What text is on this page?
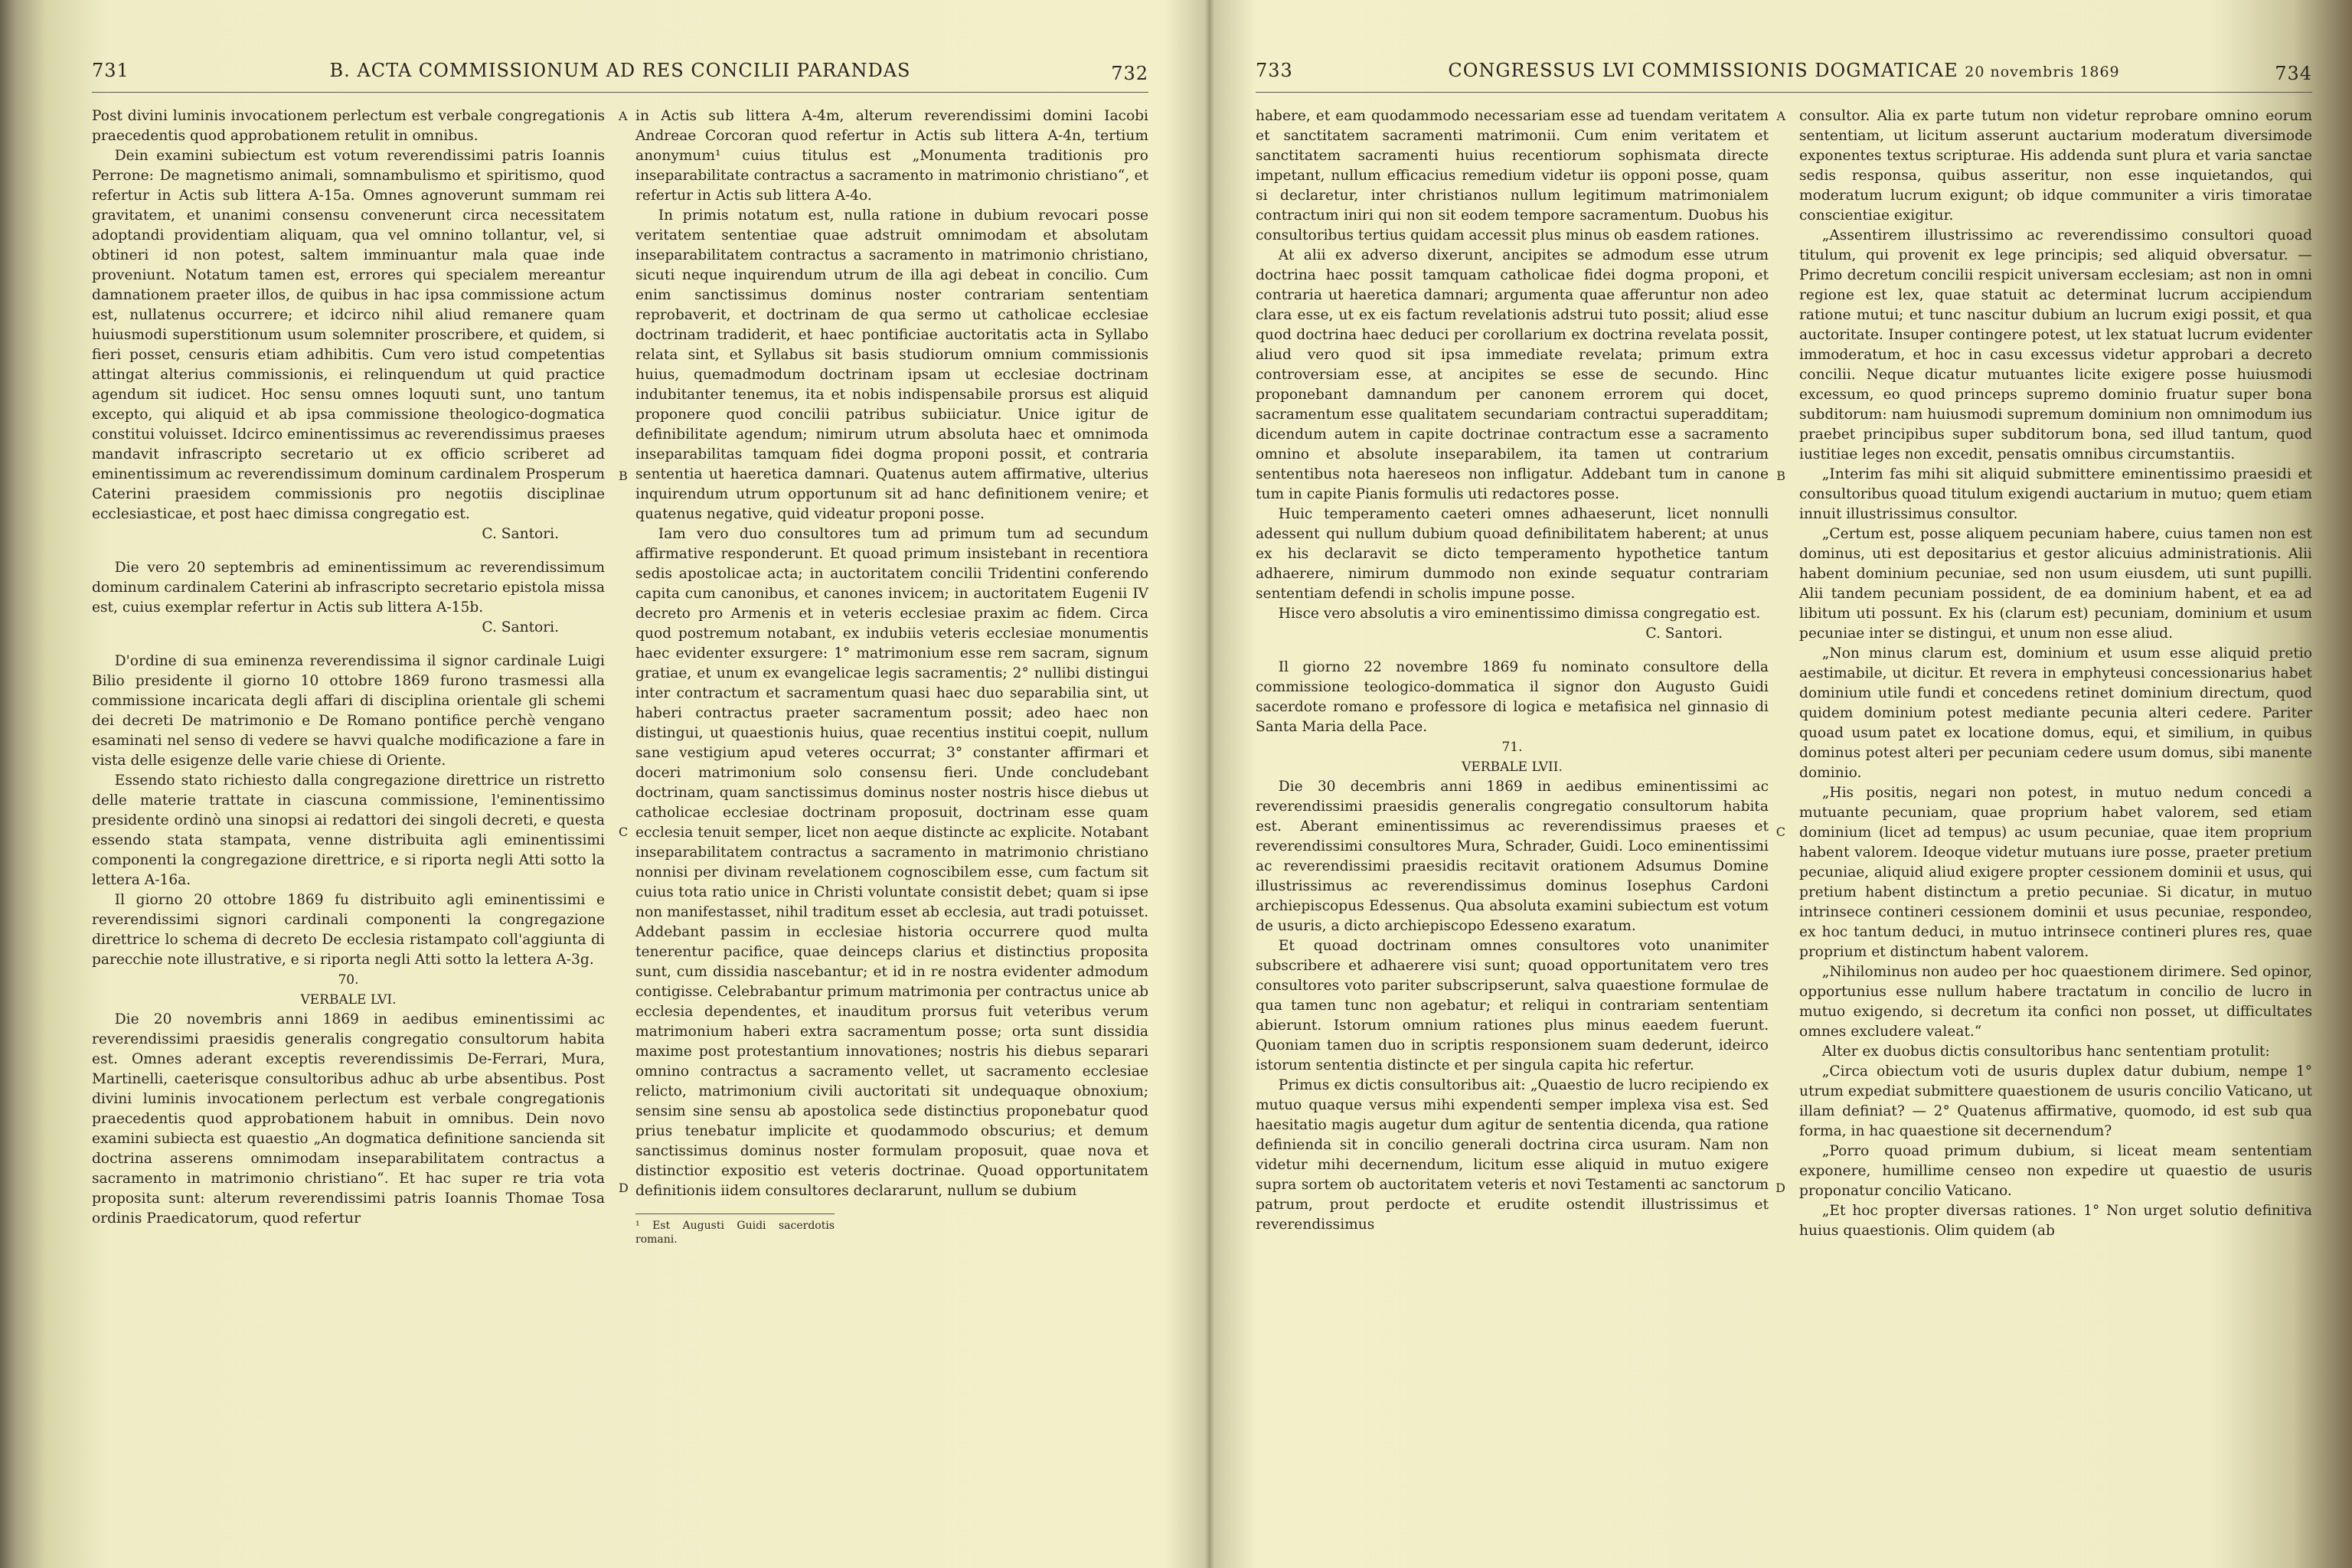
731	B. ACTA COMMISSIONUM AD RES CONCILII PARANDAS	732

Post divini luminis invocationem perlectum est verbale congregationis praecedentis quod approbationem retulit in omnibus.

Dein examini subiectum est votum reverendissimi patris Ioannis Perrone: De magnetismo animali, somnambulismo et spiritismo, quod refertur in Actis sub littera A-15a. Omnes agnoverunt summam rei gravitatem, et unanimi consensu convenerunt circa necessitatem adoptandi providentiam aliquam, qua vel omnino tollantur, vel, si obtineri id non potest, saltem imminuantur mala quae inde proveniunt. Notatum tamen est, errores qui specialem mereantur damnationem praeter illos, de quibus in hac ipsa commissione actum est, nullatenus occurrere; et idcirco nihil aliud remanere quam huiusmodi superstitionum usum solemniter proscribere, et quidem, si fieri posset, censuris etiam adhibitis. Cum vero istud competentias attingat alterius commissionis, ei relinquendum ut quid practice agendum sit iudicet. Hoc sensu omnes loquuti sunt, uno tantum excepto, qui aliquid et ab ipsa commissione theologico-dogmatica constitui voluisset. Idcirco eminentissimus ac reverendissimus praeses mandavit infrascripto secretario ut ex officio scriberet ad eminentissimum ac reverendissimum dominum cardinalem Prosperum Caterini praesidem commissionis pro negotiis disciplinae ecclesiasticae, et post haec dimissa congregatio est.

C. Santori.

Die vero 20 septembris ad eminentissimum ac reverendissimum dominum cardinalem Caterini ab infrascripto secretario epistola missa est, cuius exemplar refertur in Actis sub littera A-15b.

C. Santori.

D'ordine di sua eminenza reverendissima il signor cardinale Luigi Bilio presidente il giorno 10 ottobre 1869 furono trasmessi alla commissione incaricata degli affari di disciplina orientale gli schemi dei decreti De matrimonio e De Romano pontifice perchè vengano esaminati nel senso di vedere se havvi qualche modificazione a fare in vista delle esigenze delle varie chiese di Oriente.

Essendo stato richiesto dalla congregazione direttrice un ristretto delle materie trattate in ciascuna commissione, l'eminentissimo presidente ordinò una sinopsi ai redattori dei singoli decreti, e questa essendo stata stampata, venne distribuita agli eminentissimi componenti la congregazione direttrice, e si riporta negli Atti sotto la lettera A-16a.

Il giorno 20 ottobre 1869 fu distribuito agli eminentissimi e reverendissimi signori cardinali componenti la congregazione direttrice lo schema di decreto De ecclesia ristampato coll'aggiunta di parecchie note illustrative, e si riporta negli Atti sotto la lettera A-3g.

70.

VERBALE LVI.

Die 20 novembris anni 1869 in aedibus eminentissimi ac reverendissimi praesidis generalis congregatio consultorum habita est. Omnes aderant exceptis reverendissimis De-Ferrari, Mura, Martinelli, caeterisque consultoribus adhuc ab urbe absentibus. Post divini luminis invocationem perlectum est verbale congregationis praecedentis quod approbationem habuit in omnibus. Dein novo examini subiecta est quaestio „An dogmatica definitione sancienda sit doctrina asserens omnimodam inseparabilitatem contractus a sacramento in matrimonio christiano“. Et hac super re tria vota proposita sunt: alterum reverendissimi patris Ioannis Thomae Tosa ordinis Praedicatorum, quod refertur

A
B
C
D

in Actis sub littera A-4m, alterum reverendissimi domini Iacobi Andreae Corcoran quod refertur in Actis sub littera A-4n, tertium anonymum¹ cuius titulus est „Monumenta traditionis pro inseparabilitate contractus a sacramento in matrimonio christiano“, et refertur in Actis sub littera A-4o.

In primis notatum est, nulla ratione in dubium revocari posse veritatem sententiae quae adstruit omnimodam et absolutam inseparabilitatem contractus a sacramento in matrimonio christiano, sicuti neque inquirendum utrum de illa agi debeat in concilio. Cum enim sanctissimus dominus noster contrariam sententiam reprobaverit, et doctrinam de qua sermo ut catholicae ecclesiae doctrinam tradiderit, et haec pontificiae auctoritatis acta in Syllabo relata sint, et Syllabus sit basis studiorum omnium commissionis huius, quemadmodum doctrinam ipsam ut ecclesiae doctrinam indubitanter tenemus, ita et nobis indispensabile prorsus est aliquid proponere quod concilii patribus subiiciatur. Unice igitur de definibilitate agendum; nimirum utrum absoluta haec et omnimoda inseparabilitas tamquam fidei dogma proponi possit, et contraria sententia ut haeretica damnari. Quatenus autem affirmative, ulterius inquirendum utrum opportunum sit ad hanc definitionem venire; et quatenus negative, quid videatur proponi posse.

Iam vero duo consultores tum ad primum tum ad secundum affirmative responderunt. Et quoad primum insistebant in recentiora sedis apostolicae acta; in auctoritatem concilii Tridentini conferendo capita cum canonibus, et canones invicem; in auctoritatem Eugenii IV decreto pro Armenis et in veteris ecclesiae praxim ac fidem. Circa quod postremum notabant, ex indubiis veteris ecclesiae monumentis haec evidenter exsurgere: 1° matrimonium esse rem sacram, signum gratiae, et unum ex evangelicae legis sacramentis; 2° nullibi distingui inter contractum et sacramentum quasi haec duo separabilia sint, ut haberi contractus praeter sacramentum possit; adeo haec non distingui, ut quaestionis huius, quae recentius institui coepit, nullum sane vestigium apud veteres occurrat; 3° constanter affirmari et doceri matrimonium solo consensu fieri. Unde concludebant doctrinam, quam sanctissimus dominus noster nostris hisce diebus ut catholicae ecclesiae doctrinam proposuit, doctrinam esse quam ecclesia tenuit semper, licet non aeque distincte ac explicite. Notabant inseparabilitatem contractus a sacramento in matrimonio christiano nonnisi per divinam revelationem cognoscibilem esse, cum factum sit cuius tota ratio unice in Christi voluntate consistit debet; quam si ipse non manifestasset, nihil traditum esset ab ecclesia, aut tradi potuisset. Addebant passim in ecclesiae historia occurrere quod multa tenerentur pacifice, quae deinceps clarius et distinctius proposita sunt, cum dissidia nascebantur; et id in re nostra evidenter admodum contigisse. Celebrabantur primum matrimonia per contractus unice ab ecclesia dependentes, et inauditum prorsus fuit veteribus verum matrimonium haberi extra sacramentum posse; orta sunt dissidia maxime post protestantium innovationes; nostris his diebus separari omnino contractus a sacramento vellet, ut sacramento ecclesiae relicto, matrimonium civili auctoritati sit undequaque obnoxium; sensim sine sensu ab apostolica sede distinctius proponebatur quod prius tenebatur implicite et quodammodo obscurius; et demum sanctissimus dominus noster formulam proposuit, quae nova et distinctior expositio est veteris doctrinae. Quoad opportunitatem definitionis iidem consultores declararunt, nullum se dubium

¹ Est Augusti Guidi sacerdotis romani.
733	CONGRESSUS LVI COMMISSIONIS DOGMATICAE 20 novembris 1869	734
A
B
C
D

habere, et eam quodammodo necessariam esse ad tuendam veritatem et sanctitatem sacramenti matrimonii. Cum enim veritatem et sanctitatem sacramenti huius recentiorum sophismata directe impetant, nullum efficacius remedium videtur iis opponi posse, quam si declaretur, inter christianos nullum legitimum matrimonialem contractum iniri qui non sit eodem tempore sacramentum. Duobus his consultoribus tertius quidam accessit plus minus ob easdem rationes.

At alii ex adverso dixerunt, ancipites se admodum esse utrum doctrina haec possit tamquam catholicae fidei dogma proponi, et contraria ut haeretica damnari; argumenta quae afferuntur non adeo clara esse, ut ex eis factum revelationis adstrui tuto possit; aliud esse quod doctrina haec deduci per corollarium ex doctrina revelata possit, aliud vero quod sit ipsa immediate revelata; primum extra controversiam esse, at ancipites se esse de secundo. Hinc proponebant damnandum per canonem errorem qui docet, sacramentum esse qualitatem secundariam contractui superadditam; dicendum autem in capite doctrinae contractum esse a sacramento omnino et absolute inseparabilem, ita tamen ut contrarium sententibus nota haereseos non infligatur. Addebant tum in canone tum in capite Pianis formulis uti redactores posse.

Huic temperamento caeteri omnes adhaeserunt, licet nonnulli adessent qui nullum dubium quoad definibilitatem haberent; at unus ex his declaravit se dicto temperamento hypothetice tantum adhaerere, nimirum dummodo non exinde sequatur contrariam sententiam defendi in scholis impune posse.

Hisce vero absolutis a viro eminentissimo dimissa congregatio est.

C. Santori.

Il giorno 22 novembre 1869 fu nominato consultore della commissione teologico-dommatica il signor don Augusto Guidi sacerdote romano e professore di logica e metafisica nel ginnasio di Santa Maria della Pace.

71.

VERBALE LVII.

Die 30 decembris anni 1869 in aedibus eminentissimi ac reverendissimi praesidis generalis congregatio consultorum habita est. Aberant eminentissimus ac reverendissimus praeses et reverendissimi consultores Mura, Schrader, Guidi. Loco eminentissimi ac reverendissimi praesidis recitavit orationem Adsumus Domine illustrissimus ac reverendissimus dominus Iosephus Cardoni archiepiscopus Edessenus. Qua absoluta examini subiectum est votum de usuris, a dicto archiepiscopo Edesseno exaratum.

Et quoad doctrinam omnes consultores voto unanimiter subscribere et adhaerere visi sunt; quoad opportunitatem vero tres consultores voto pariter subscripserunt, salva quaestione formulae de qua tamen tunc non agebatur; et reliqui in contrariam sententiam abierunt. Istorum omnium rationes plus minus eaedem fuerunt. Quoniam tamen duo in scriptis responsionem suam dederunt, ideirco istorum sententia distincte et per singula capita hic refertur.

Primus ex dictis consultoribus ait: „Quaestio de lucro recipiendo ex mutuo quaque versus mihi expendenti semper implexa visa est. Sed haesitatio magis augetur dum agitur de sententia dicenda, qua ratione definienda sit in concilio generali doctrina circa usuram. Nam non videtur mihi decernendum, licitum esse aliquid in mutuo exigere supra sortem ob auctoritatem veteris et novi Testamenti ac sanctorum patrum, prout perdocte et erudite ostendit illustrissimus et reverendissimus

consultor. Alia ex parte tutum non videtur reprobare omnino eorum sententiam, ut licitum asserunt auctarium moderatum diversimode exponentes textus scripturae. His addenda sunt plura et varia sanctae sedis responsa, quibus asseritur, non esse inquietandos, qui moderatum lucrum exigunt; ob idque communiter a viris timoratae conscientiae exigitur.

„Assentirem illustrissimo ac reverendissimo consultori quoad titulum, qui provenit ex lege principis; sed aliquid obversatur. — Primo decretum concilii respicit universam ecclesiam; ast non in omni regione est lex, quae statuit ac determinat lucrum accipiendum ratione mutui; et tunc nascitur dubium an lucrum exigi possit, et qua auctoritate. Insuper contingere potest, ut lex statuat lucrum evidenter immoderatum, et hoc in casu excessus videtur approbari a decreto concilii. Neque dicatur mutuantes licite exigere posse huiusmodi excessum, eo quod princeps supremo dominio fruatur super bona subditorum: nam huiusmodi supremum dominium non omnimodum ius praebet principibus super subditorum bona, sed illud tantum, quod iustitiae leges non excedit, pensatis omnibus circumstantiis.

„Interim fas mihi sit aliquid submittere eminentissimo praesidi et consultoribus quoad titulum exigendi auctarium in mutuo; quem etiam innuit illustrissimus consultor.

„Certum est, posse aliquem pecuniam habere, cuius tamen non est dominus, uti est depositarius et gestor alicuius administrationis. Alii habent dominium pecuniae, sed non usum eiusdem, uti sunt pupilli. Alii tandem pecuniam possident, de ea dominium habent, et ea ad libitum uti possunt. Ex his (clarum est) pecuniam, dominium et usum pecuniae inter se distingui, et unum non esse aliud.

„Non minus clarum est, dominium et usum esse aliquid pretio aestimabile, ut dicitur. Et revera in emphyteusi concessionarius habet dominium utile fundi et concedens retinet dominium directum, quod quidem dominium potest mediante pecunia alteri cedere. Pariter quoad usum patet ex locatione domus, equi, et similium, in quibus dominus potest alteri per pecuniam cedere usum domus, sibi manente dominio.

„His positis, negari non potest, in mutuo nedum concedi a mutuante pecuniam, quae proprium habet valorem, sed etiam dominium (licet ad tempus) ac usum pecuniae, quae item proprium habent valorem. Ideoque videtur mutuans iure posse, praeter pretium pecuniae, aliquid aliud exigere propter cessionem dominii et usus, qui pretium habent distinctum a pretio pecuniae. Si dicatur, in mutuo intrinsece contineri cessionem dominii et usus pecuniae, respondeo, ex hoc tantum deduci, in mutuo intrinsece contineri plures res, quae proprium et distinctum habent valorem.

„Nihilominus non audeo per hoc quaestionem dirimere. Sed opinor, opportunius esse nullum habere tractatum in concilio de lucro in mutuo exigendo, si decretum ita confici non posset, ut difficultates omnes excludere valeat.“

Alter ex duobus dictis consultoribus hanc sententiam protulit:

„Circa obiectum voti de usuris duplex datur dubium, nempe 1° utrum expediat submittere quaestionem de usuris concilio Vaticano, ut illam definiat? — 2° Quatenus affirmative, quomodo, id est sub qua forma, in hac quaestione sit decernendum?

„Porro quoad primum dubium, si liceat meam sententiam exponere, humillime censeo non expedire ut quaestio de usuris proponatur concilio Vaticano.

„Et hoc propter diversas rationes. 1° Non urget solutio definitiva huius quaestionis. Olim quidem (ab
